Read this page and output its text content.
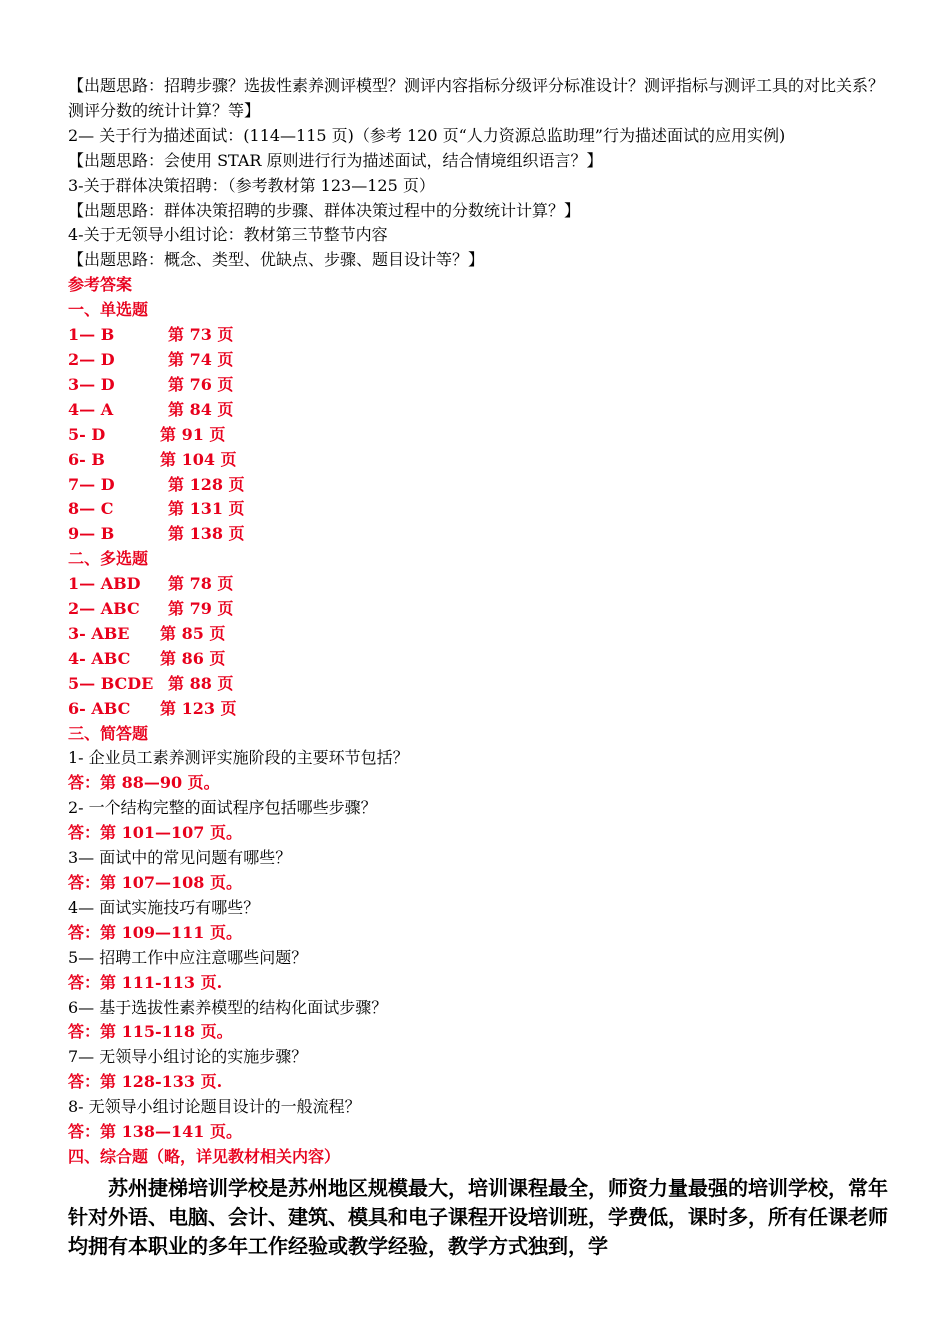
【出题思路：招聘步骤？选拔性素养测评模型？测评内容指标分级评分标准设计？测评指标与测评工具的对比关系？测评分数的统计计算？等】
2— 关于行为描述面试：(114—115 页)（参考 120 页“人力资源总监助理”行为描述面试的应用实例)
【出题思路：会使用 STAR 原则进行行为描述面试，结合情境组织语言？】
3-关于群体决策招聘：（参考教材第 123—125 页）
【出题思路：群体决策招聘的步骤、群体决策过程中的分数统计计算？】
4-关于无领导小组讨论：教材第三节整节内容
【出题思路：概念、类型、优缺点、步骤、题目设计等？】
参考答案
一、单选题
1— B	第 73 页
2— D	第 74 页
3— D	第 76 页
4— A	第 84 页
5- D	第 91 页
6- B	第 104 页
7— D	第 128 页
8— C	第 131 页
9— B	第 138 页
二、多选题
1— ABD 第 78 页
2— ABC 第 79 页
3- ABE 第 85 页
4- ABC 第 86 页
5— BCDE 第 88 页
6- ABC 第 123 页
三、简答题
1- 企业员工素养测评实施阶段的主要环节包括？
答：第 88—90 页。
2- 一个结构完整的面试程序包括哪些步骤？
答：第 101—107 页。
3— 面试中的常见问题有哪些？
答：第 107—108 页。
4— 面试实施技巧有哪些？
答：第 109—111 页。
5— 招聘工作中应注意哪些问题？
答：第 111-113 页.
6— 基于选拔性素养模型的结构化面试步骤？
答：第 115-118 页。
7— 无领导小组讨论的实施步骤？
答：第 128-133 页.
8- 无领导小组讨论题目设计的一般流程？
答：第 138—141 页。
四、综合题（略，详见教材相关内容）
苏州捷梯培训学校是苏州地区规模最大，培训课程最全，师资力量最强的培训学校，常年针对外语、电脑、会计、建筑、模具和电子课程开设培训班，学费低，课时多，所有任课老师均拥有本职业的多年工作经验或教学经验，教学方式独到，学
